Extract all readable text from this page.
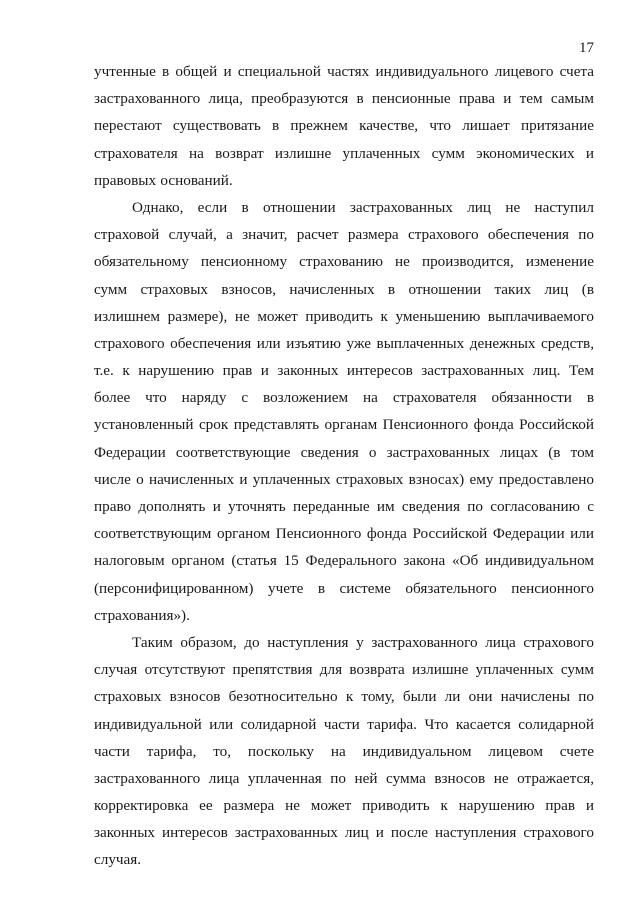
17
учтенные в общей и специальной частях индивидуального лицевого счета
застрахованного лица, преобразуются в пенсионные права и тем самым
перестают существовать в прежнем качестве, что лишает притязание
страхователя на возврат излишне уплаченных сумм экономических и
правовых оснований.
Однако, если в отношении застрахованных лиц не наступил
страховой случай, а значит, расчет размера страхового обеспечения по
обязательному пенсионному страхованию не производится, изменение
сумм страховых взносов, начисленных в отношении таких лиц (в
излишнем размере), не может приводить к уменьшению выплачиваемого
страхового обеспечения или изъятию уже выплаченных денежных средств,
т.е. к нарушению прав и законных интересов застрахованных лиц. Тем
более что наряду с возложением на страхователя обязанности в
установленный срок представлять органам Пенсионного фонда Российской
Федерации соответствующие сведения о застрахованных лицах (в том
числе о начисленных и уплаченных страховых взносах) ему предоставлено
право дополнять и уточнять переданные им сведения по согласованию с
соответствующим органом Пенсионного фонда Российской Федерации или
налоговым органом (статья 15 Федерального закона «Об индивидуальном
(персонифицированном) учете в системе обязательного пенсионного
страхования»).
Таким образом, до наступления у застрахованного лица страхового
случая отсутствуют препятствия для возврата излишне уплаченных сумм
страховых взносов безотносительно к тому, были ли они начислены по
индивидуальной или солидарной части тарифа. Что касается солидарной
части тарифа, то, поскольку на индивидуальном лицевом счете
застрахованного лица уплаченная по ней сумма взносов не отражается,
корректировка ее размера не может приводить к нарушению прав и
законных интересов застрахованных лиц и после наступления страхового
случая.
